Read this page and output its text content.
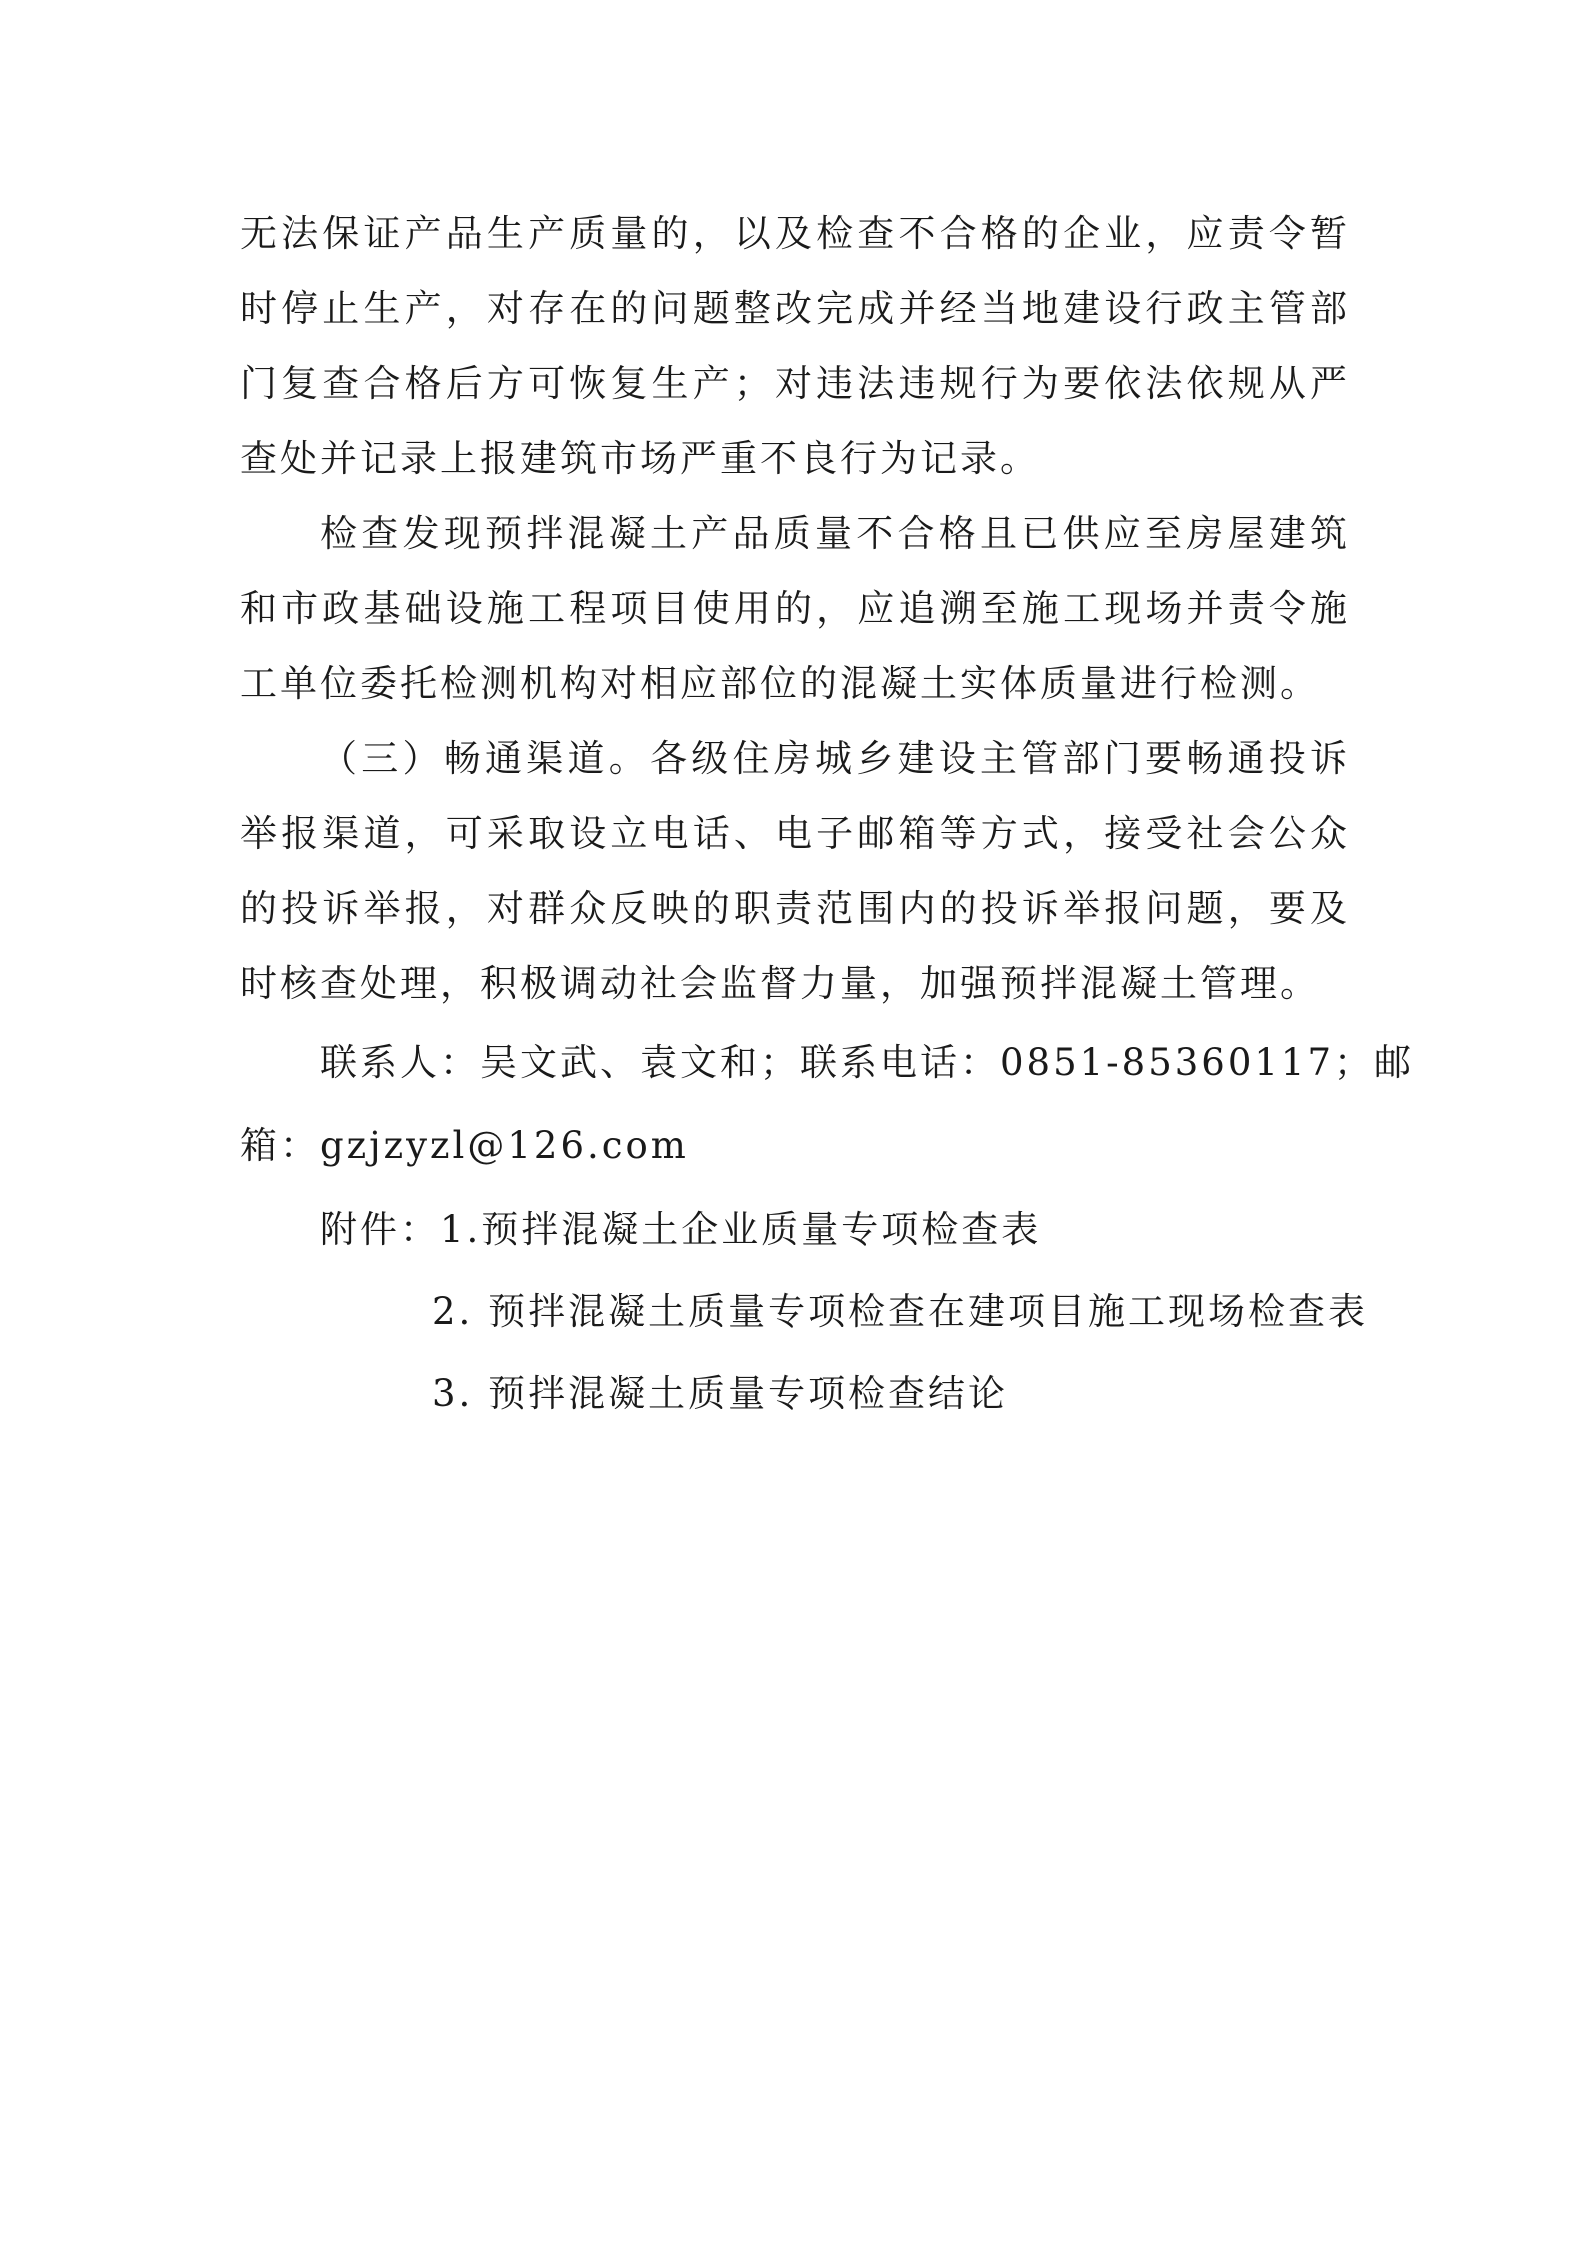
无法保证产品生产质量的，以及检查不合格的企业，应责令暂
时停止生产，对存在的问题整改完成并经当地建设行政主管部
门复查合格后方可恢复生产；对违法违规行为要依法依规从严
查处并记录上报建筑市场严重不良行为记录。
检查发现预拌混凝土产品质量不合格且已供应至房屋建筑
和市政基础设施工程项目使用的，应追溯至施工现场并责令施
工单位委托检测机构对相应部位的混凝土实体质量进行检测。
（三）畅通渠道。各级住房城乡建设主管部门要畅通投诉
举报渠道，可采取设立电话、电子邮箱等方式，接受社会公众
的投诉举报，对群众反映的职责范围内的投诉举报问题，要及
时核查处理，积极调动社会监督力量，加强预拌混凝土管理。
联系人：吴文武、袁文和；联系电话：0851-85360117；邮
箱：gzjzyzl@126.com
附件：1.预拌混凝土企业质量专项检查表
2. 预拌混凝土质量专项检查在建项目施工现场检查表
3. 预拌混凝土质量专项检查结论
